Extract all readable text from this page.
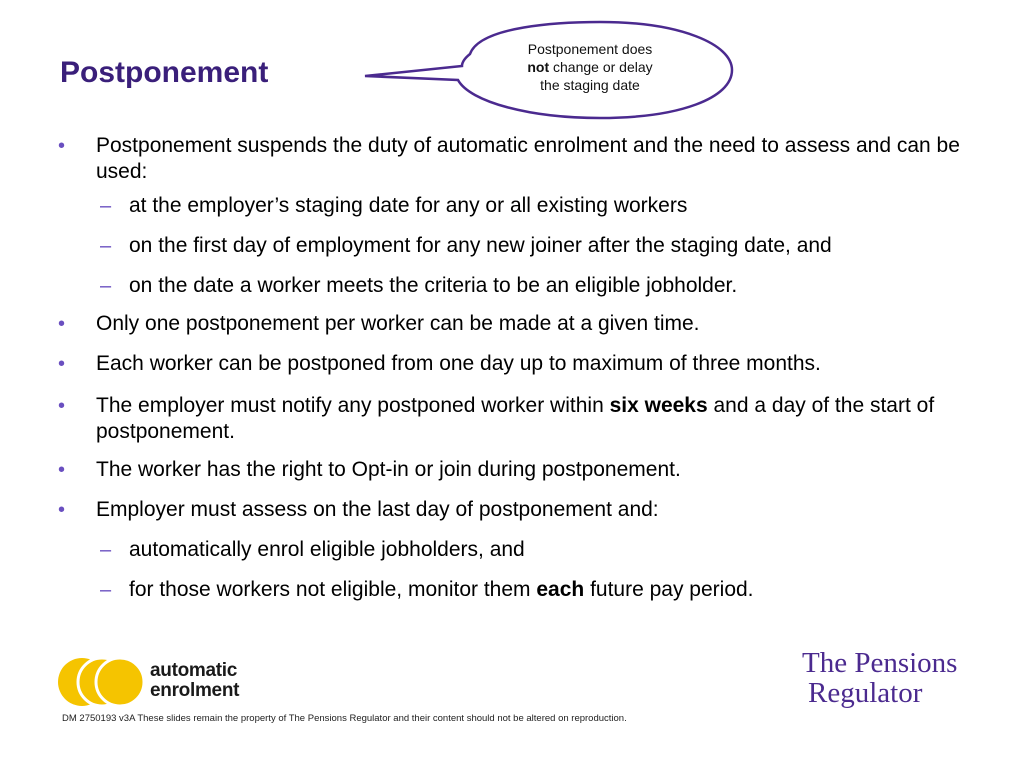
Postponement
Postponement does
not change or delay
the staging date
• Postponement suspends the duty of automatic enrolment and the need to assess and can be used:
– at the employer’s staging date for any or all existing workers
– on the first day of employment for any new joiner after the staging date, and
– on the date a worker meets the criteria to be an eligible jobholder.
• Only one postponement per worker can be made at a given time.
• Each worker can be postponed from one day up to maximum of three months.
• The employer must notify any postponed worker within six weeks and a day of the start of postponement.
• The worker has the right to Opt-in or join during postponement.
• Employer must assess on the last day of postponement and:
– automatically enrol eligible jobholders, and
– for those workers not eligible, monitor them each future pay period.
automatic
enrolment
The Pensions
Regulator
DM 2750193 v3A These slides remain the property of The Pensions Regulator and their content should not be altered on reproduction.
